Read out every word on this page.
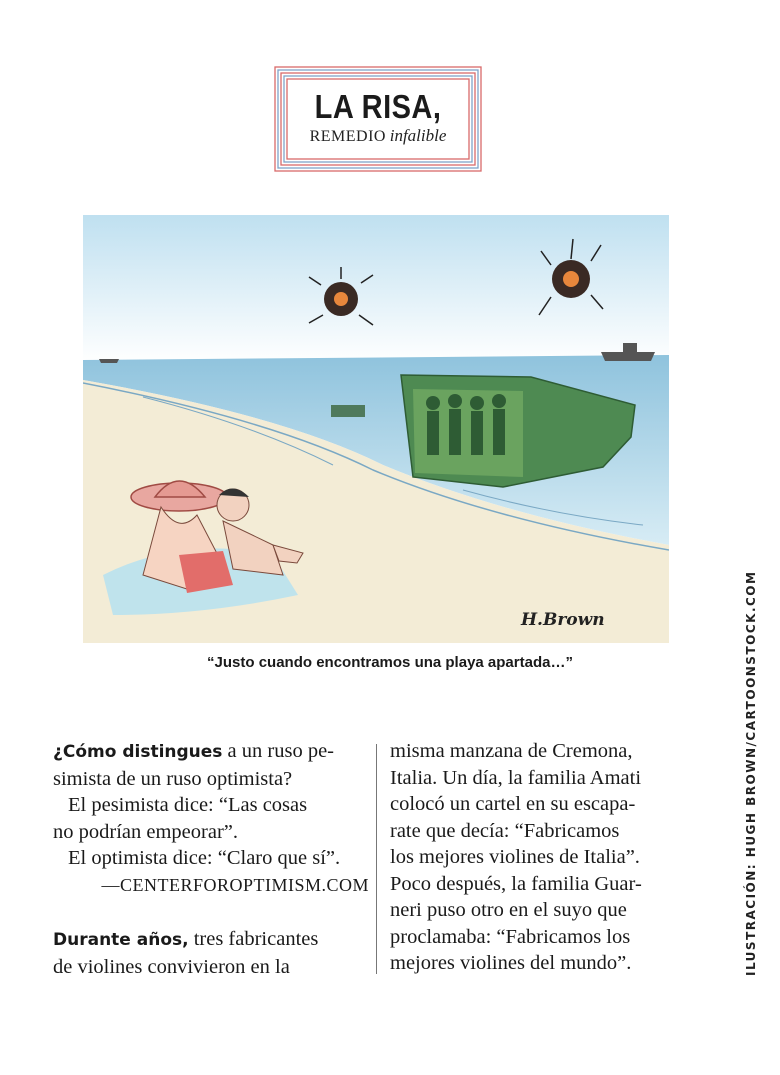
LA RISA,
REMEDIO infalible
H.Brown
“Justo cuando encontramos una playa apartada…”

¿Cómo distingues a un ruso pe-

simista de un ruso optimista?

El pesimista dice: “Las cosas

no podrían empeorar”.

El optimista dice: “Claro que sí”.

—CENTERFOROPTIMISM.COM

Durante años, tres fabricantes

de violines convivieron en la

misma manzana de Cremona,

Italia. Un día, la familia Amati

colocó un cartel en su escapa-

rate que decía: “Fabricamos

los mejores violines de Italia”.

Poco después, la familia Guar-

neri puso otro en el suyo que

proclamaba: “Fabricamos los

mejores violines del mundo”.	ILUSTRACIÓN: HUGH BROWN/CARTOONSTOCK.COM
